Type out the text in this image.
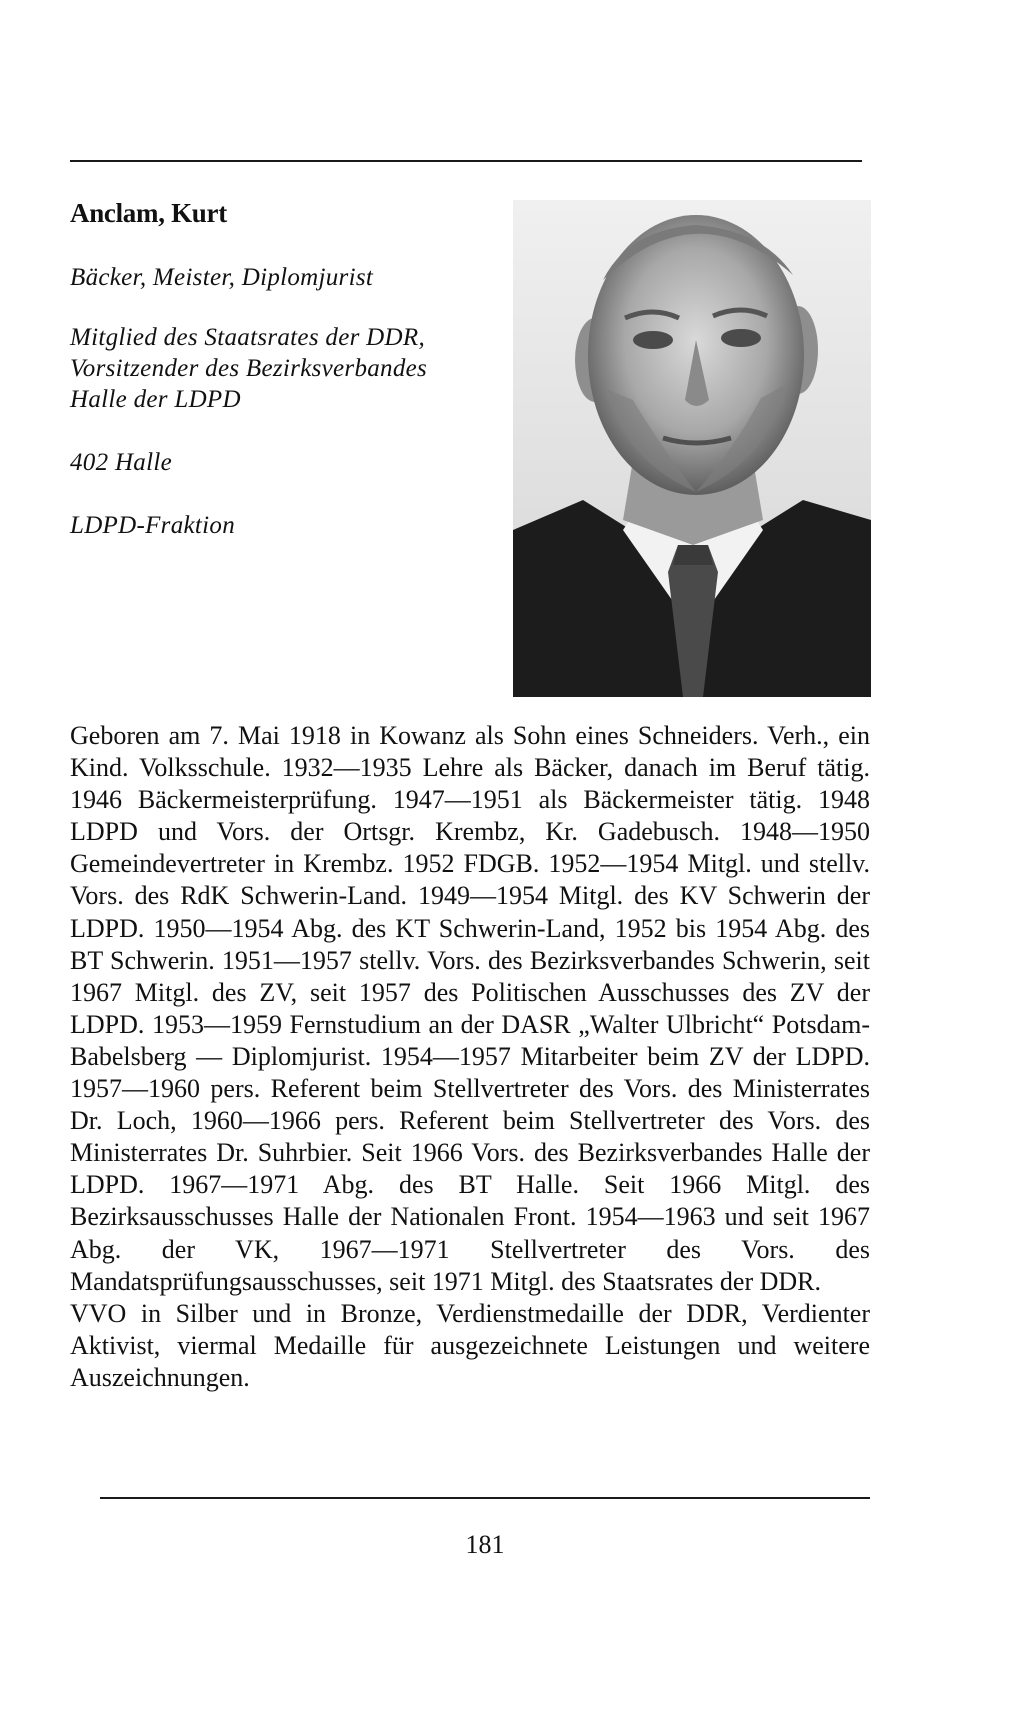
Anclam, Kurt
Bäcker, Meister, Diplomjurist
Mitglied des Staatsrates der DDR, Vorsitzender des Bezirksverbandes Halle der LDPD
402 Halle
LDPD-Fraktion

Geboren am 7. Mai 1918 in Kowanz als Sohn eines Schneiders. Verh., ein Kind. Volksschule. 1932—1935 Lehre als Bäcker, danach im Beruf tätig. 1946 Bäckermeisterprüfung. 1947—1951 als Bäckermeister tätig. 1948 LDPD und Vors. der Ortsgr. Krembz, Kr. Gadebusch. 1948—1950 Gemeindevertreter in Krembz. 1952 FDGB. 1952—1954 Mitgl. und stellv. Vors. des RdK Schwerin-Land. 1949—1954 Mitgl. des KV Schwerin der LDPD. 1950—1954 Abg. des KT Schwerin-Land, 1952 bis 1954 Abg. des BT Schwerin. 1951—1957 stellv. Vors. des Bezirksverbandes Schwerin, seit 1967 Mitgl. des ZV, seit 1957 des Politischen Ausschusses des ZV der LDPD. 1953—1959 Fernstudium an der DASR „Walter Ulbricht“ Potsdam-Babelsberg — Diplomjurist. 1954—1957 Mitarbeiter beim ZV der LDPD. 1957—1960 pers. Referent beim Stellvertreter des Vors. des Ministerrates Dr. Loch, 1960—1966 pers. Referent beim Stellvertreter des Vors. des Ministerrates Dr. Suhrbier. Seit 1966 Vors. des Bezirksverbandes Halle der LDPD. 1967—1971 Abg. des BT Halle. Seit 1966 Mitgl. des Bezirksausschusses Halle der Nationalen Front. 1954—1963 und seit 1967 Abg. der VK, 1967—1971 Stellvertreter des Vors. des Mandatsprüfungsausschusses, seit 1971 Mitgl. des Staatsrates der DDR.

VVO in Silber und in Bronze, Verdienstmedaille der DDR, Verdienter Aktivist, viermal Medaille für ausgezeichnete Leistungen und weitere Auszeichnungen.

181
